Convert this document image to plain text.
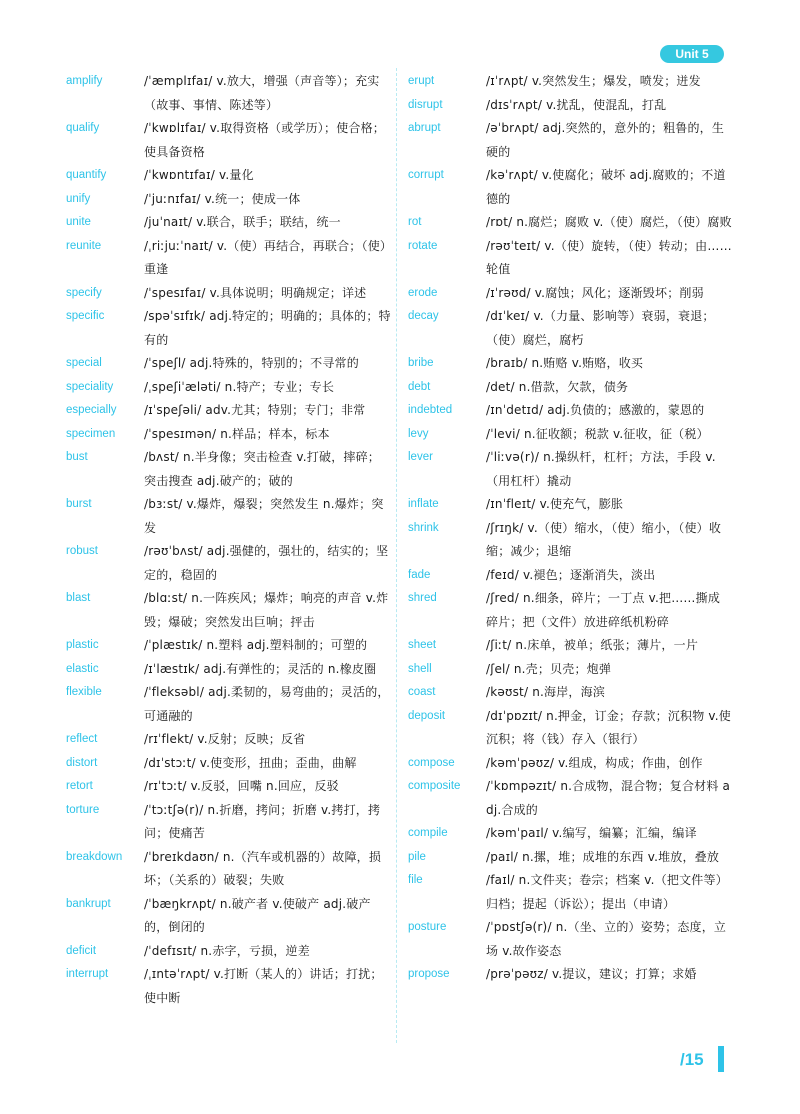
Unit 5
amplify	/ˈæmplɪfaɪ/ v.放大，增强（声音等）；充实（故事、事情、陈述等）
qualify	/ˈkwɒlɪfaɪ/ v.取得资格（或学历）；使合格；使具备资格
quantify	/ˈkwɒntɪfaɪ/ v.量化
unify	/ˈjuːnɪfaɪ/ v.统一；使成一体
unite	/juˈnaɪt/ v.联合，联手；联结，统一
reunite	/ˌriːjuːˈnaɪt/ v.（使）再结合，再联合；（使）重逢
specify	/ˈspesɪfaɪ/ v.具体说明；明确规定；详述
specific	/spəˈsɪfɪk/ adj.特定的；明确的；具体的；特有的
special	/ˈspeʃl/ adj.特殊的，特别的；不寻常的
speciality	/ˌspeʃiˈæləti/ n.特产；专业；专长
especially	/ɪˈspeʃəli/ adv.尤其；特别；专门；非常
specimen	/ˈspesɪmən/ n.样品；样本，标本
bust	/bʌst/ n.半身像；突击检查 v.打破，摔碎；突击搜查 adj.破产的；破的
burst	/bɜːst/ v.爆炸，爆裂；突然发生 n.爆炸；突发
robust	/rəʊˈbʌst/ adj.强健的，强壮的，结实的；坚定的，稳固的
blast	/blɑːst/ n.一阵疾风；爆炸；响亮的声音 v.炸毁；爆破；突然发出巨响；抨击
plastic	/ˈplæstɪk/ n.塑料 adj.塑料制的；可塑的
elastic	/ɪˈlæstɪk/ adj.有弹性的；灵活的 n.橡皮圈
flexible	/ˈfleksəbl/ adj.柔韧的，易弯曲的；灵活的，可通融的
reflect	/rɪˈflekt/ v.反射；反映；反省
distort	/dɪˈstɔːt/ v.使变形，扭曲；歪曲，曲解
retort	/rɪˈtɔːt/ v.反驳，回嘴 n.回应，反驳
torture	/ˈtɔːtʃə(r)/ n.折磨，拷问；折磨 v.拷打，拷问；使痛苦
breakdown	/ˈbreɪkdaʊn/ n.（汽车或机器的）故障，损坏；（关系的）破裂；失败
bankrupt	/ˈbæŋkrʌpt/ n.破产者 v.使破产 adj.破产的，倒闭的
deficit	/ˈdefɪsɪt/ n.赤字，亏损，逆差
interrupt	/ˌɪntəˈrʌpt/ v.打断（某人的）讲话；打扰；使中断
erupt	/ɪˈrʌpt/ v.突然发生；爆发，喷发；迸发
disrupt	/dɪsˈrʌpt/ v.扰乱，使混乱，打乱
abrupt	/əˈbrʌpt/ adj.突然的，意外的；粗鲁的，生硬的
corrupt	/kəˈrʌpt/ v.使腐化；破坏 adj.腐败的；不道德的
rot	/rɒt/ n.腐烂；腐败 v.（使）腐烂，（使）腐败
rotate	/rəʊˈteɪt/ v.（使）旋转，（使）转动；由……轮值
erode	/ɪˈrəʊd/ v.腐蚀；风化；逐渐毁坏；削弱
decay	/dɪˈkeɪ/ v.（力量、影响等）衰弱，衰退；（使）腐烂，腐朽
bribe	/braɪb/ n.贿赂 v.贿赂，收买
debt	/det/ n.借款，欠款，债务
indebted	/ɪnˈdetɪd/ adj.负债的；感激的，蒙恩的
levy	/ˈlevi/ n.征收额；税款 v.征收，征（税）
lever	/ˈliːvə(r)/ n.操纵杆，杠杆；方法，手段 v.（用杠杆）撬动
inflate	/ɪnˈfleɪt/ v.使充气，膨胀
shrink	/ʃrɪŋk/ v.（使）缩水，（使）缩小，（使）收缩；减少；退缩
fade	/feɪd/ v.褪色；逐渐消失，淡出
shred	/ʃred/ n.细条，碎片；一丁点 v.把……撕成碎片；把（文件）放进碎纸机粉碎
sheet	/ʃiːt/ n.床单，被单；纸张；薄片，一片
shell	/ʃel/ n.壳；贝壳；炮弹
coast	/kəʊst/ n.海岸，海滨
deposit	/dɪˈpɒzɪt/ n.押金，订金；存款；沉积物 v.使沉积；将（钱）存入（银行）
compose	/kəmˈpəʊz/ v.组成，构成；作曲，创作
composite	/ˈkɒmpəzɪt/ n.合成物，混合物；复合材料 adj.合成的
compile	/kəmˈpaɪl/ v.编写，编纂；汇编，编译
pile	/paɪl/ n.摞，堆；成堆的东西 v.堆放，叠放
file	/faɪl/ n.文件夹；卷宗；档案 v.（把文件等）归档；提起（诉讼）；提出（申请）
posture	/ˈpɒstʃə(r)/ n.（坐、立的）姿势；态度，立场 v.故作姿态
propose	/prəˈpəʊz/ v.提议，建议；打算；求婚
/15
